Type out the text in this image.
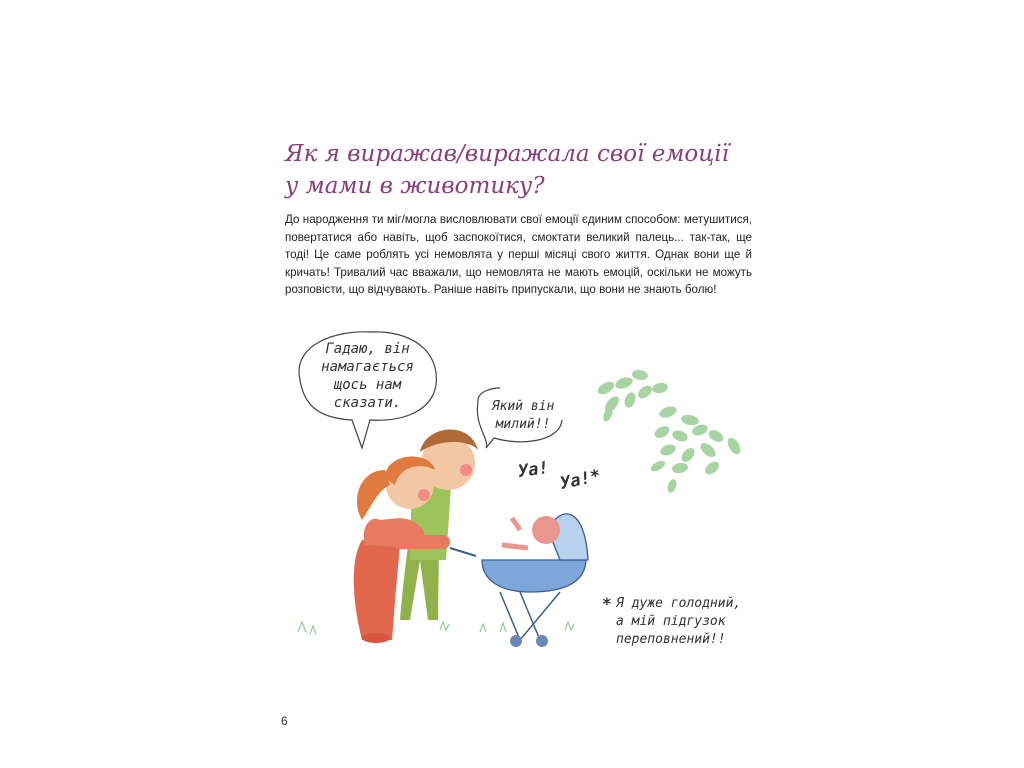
Як я виражав/виражала свої емоції
у мами в животику?

До народження ти міг/могла висловлювати свої емоції єдиним способом: метушитися, повертатися або навіть, щоб заспокоїтися, смоктати великий палець... так-так, ще тоді! Це саме роблять усі немовлята у перші місяці свого життя. Однак вони ще й кричать! Тривалий час вважали, що немовлята не мають емоцій, оскільки не можуть розповісти, що відчувають. Раніше навіть припускали, що вони не знають болю!

Гадаю, він
намагається
щось нам
сказати.	Який він
милий!!
Уа! Уа!*
* Я дуже голодний,
а мій підгузок
переповнений!!
6
